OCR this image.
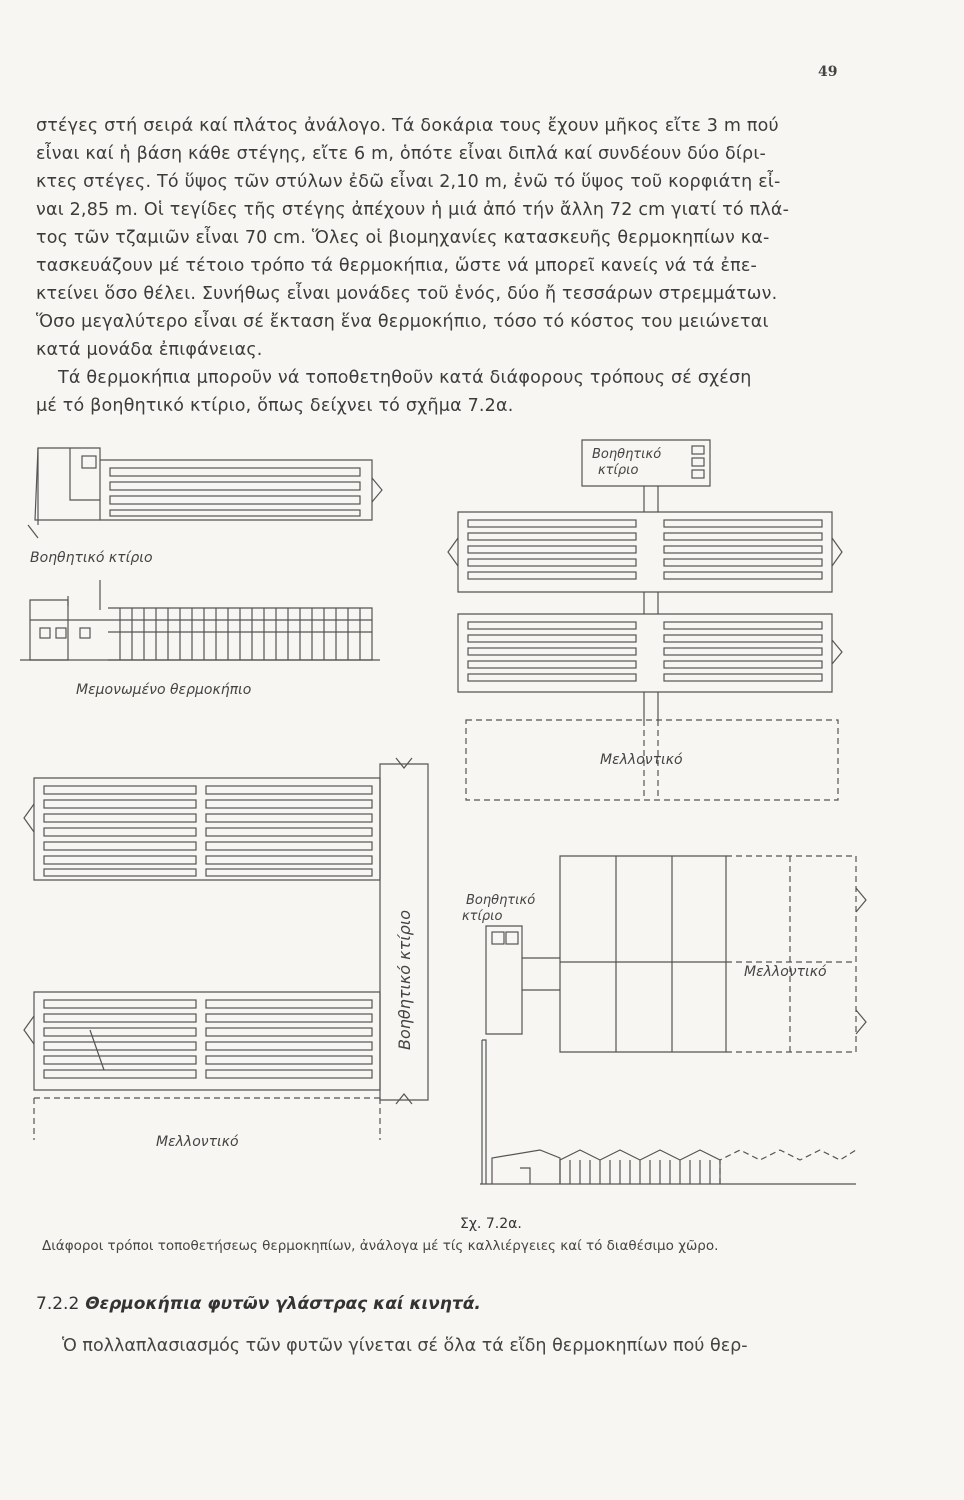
49
στέγες στή σειρά καί πλάτος ἀνάλογο. Τά δοκάρια τους ἔχουν μῆκος εἴτε 3 m πού
εἶναι καί ἡ βάση κάθε στέγης, εἴτε 6 m, ὁπότε εἶναι διπλά καί συνδέουν δύο δίρι-
κτες στέγες. Τό ὕψος τῶν στύλων ἐδῶ εἶναι 2,10 m, ἐνῶ τό ὕψος τοῦ κορφιάτη εἶ-
ναι 2,85 m. Οἱ τεγίδες τῆς στέγης ἀπέχουν ἡ μιά ἀπό τήν ἄλλη 72 cm γιατί τό πλά-
τος τῶν τζαμιῶν εἶναι 70 cm. Ὅλες οἱ βιομηχανίες κατασκευῆς θερμοκηπίων κα-
τασκευάζουν μέ τέτοιο τρόπο τά θερμοκήπια, ὥστε νά μπορεῖ κανείς νά τά ἐπε-
κτείνει ὅσο θέλει. Συνήθως εἶναι μονάδες τοῦ ἑνός, δύο ἤ τεσσάρων στρεμμάτων.
Ὅσο μεγαλύτερο εἶναι σέ ἔκταση ἕνα θερμοκήπιο, τόσο τό κόστος του μειώνεται
κατά μονάδα ἐπιφάνειας.
Τά θερμοκήπια μποροῦν νά τοποθετηθοῦν κατά διάφορους τρόπους σέ σχέση
μέ τό βοηθητικό κτίριο, ὅπως δείχνει τό σχῆμα 7.2α.
Βοηθητικό κτίριο
Μεμονωμένο θερμοκήπιο
Βοηθητικό
κτίριο
Μελλοντικό
Βοηθητικό κτίριο
Μελλοντικό
Βοηθητικό
κτίριο
Μελλοντικό
Σχ. 7.2α.
Διάφοροι τρόποι τοποθετήσεως θερμοκηπίων, ἀνάλογα μέ τίς καλλιέργειες καί τό διαθέσιμο χῶρο.
7.2.2 Θερμοκήπια φυτῶν γλάστρας καί κινητά.
Ὁ πολλαπλασιασμός τῶν φυτῶν γίνεται σέ ὅλα τά εἴδη θερμοκηπίων πού θερ-
